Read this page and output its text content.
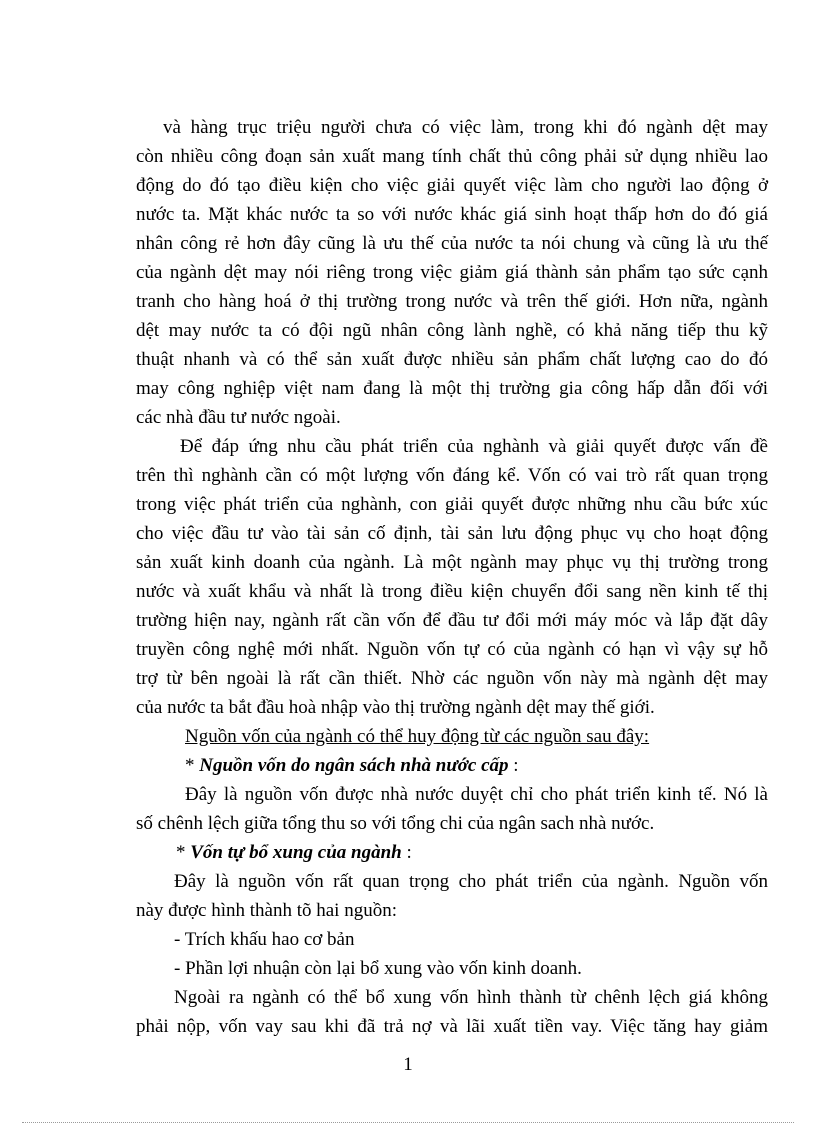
và hàng trục triệu người chưa có việc làm, trong khi đó ngành dệt may
còn nhiều công đoạn sản xuất mang tính chất thủ công phải sử dụng nhiều lao
động do đó tạo điều kiện cho việc giải quyết việc làm cho người lao động ở
nước ta. Mặt khác nước ta so với nước khác giá sinh hoạt thấp hơn do đó giá
nhân công rẻ hơn đây cũng là ưu thế của nước ta nói chung và cũng là ưu thế
của ngành dệt may nói riêng trong việc giảm giá thành sản phẩm tạo sức cạnh
tranh cho hàng hoá ở thị trường trong nước và trên thế giới. Hơn nữa, ngành
dệt may nước ta có đội ngũ nhân công lành nghề, có khả năng tiếp thu kỹ
thuật nhanh và có thể sản xuất được nhiều sản phẩm chất lượng cao do đó
may công nghiệp việt nam đang là một thị trường gia công hấp dẫn đối với
các nhà đầu tư nước ngoài.
Để đáp ứng nhu cầu phát triển của nghành và giải quyết được vấn đề
trên thì nghành cần có một lượng vốn đáng kể. Vốn có vai trò rất quan trọng
trong việc phát triển của nghành, con giải quyết được những nhu cầu bức xúc
cho việc đầu tư vào tài sản cố định, tài sản lưu động phục vụ cho hoạt động
sản xuất kinh doanh của ngành. Là một ngành may phục vụ thị trường trong
nước và xuất khẩu và nhất là trong điều kiện chuyển đổi sang nền kinh tế thị
trường hiện nay, ngành rất cần vốn để đầu tư đổi mới máy móc và lắp đặt dây
truyền công nghệ mới nhất. Nguồn vốn tự có của ngành có hạn vì vậy sự hỗ
trợ từ bên ngoài là rất cần thiết. Nhờ các nguồn vốn này mà ngành dệt may
của nước ta bắt đầu hoà nhập vào thị trường ngành dệt may thế giới.
Nguồn vốn của ngành có thể huy động từ các nguồn sau đây:
* Nguồn vốn do ngân sách nhà nước cấp :
Đây là nguồn vốn được nhà nước duyệt chỉ cho phát triển kinh tế. Nó là
số chênh lệch giữa tổng thu so với tổng chi của ngân sach nhà nước.
* Vốn tự bổ xung của ngành :
Đây là nguồn vốn rất quan trọng cho phát triển của ngành. Nguồn vốn
này được hình thành tõ hai nguồn:
- Trích khấu hao cơ bản
- Phần lợi nhuận còn lại bổ xung vào vốn kinh doanh.
Ngoài ra ngành có thể bổ xung vốn hình thành từ chênh lệch giá không
phải nộp, vốn vay sau khi đã trả nợ và lãi xuất tiền vay. Việc tăng hay giảm
1
